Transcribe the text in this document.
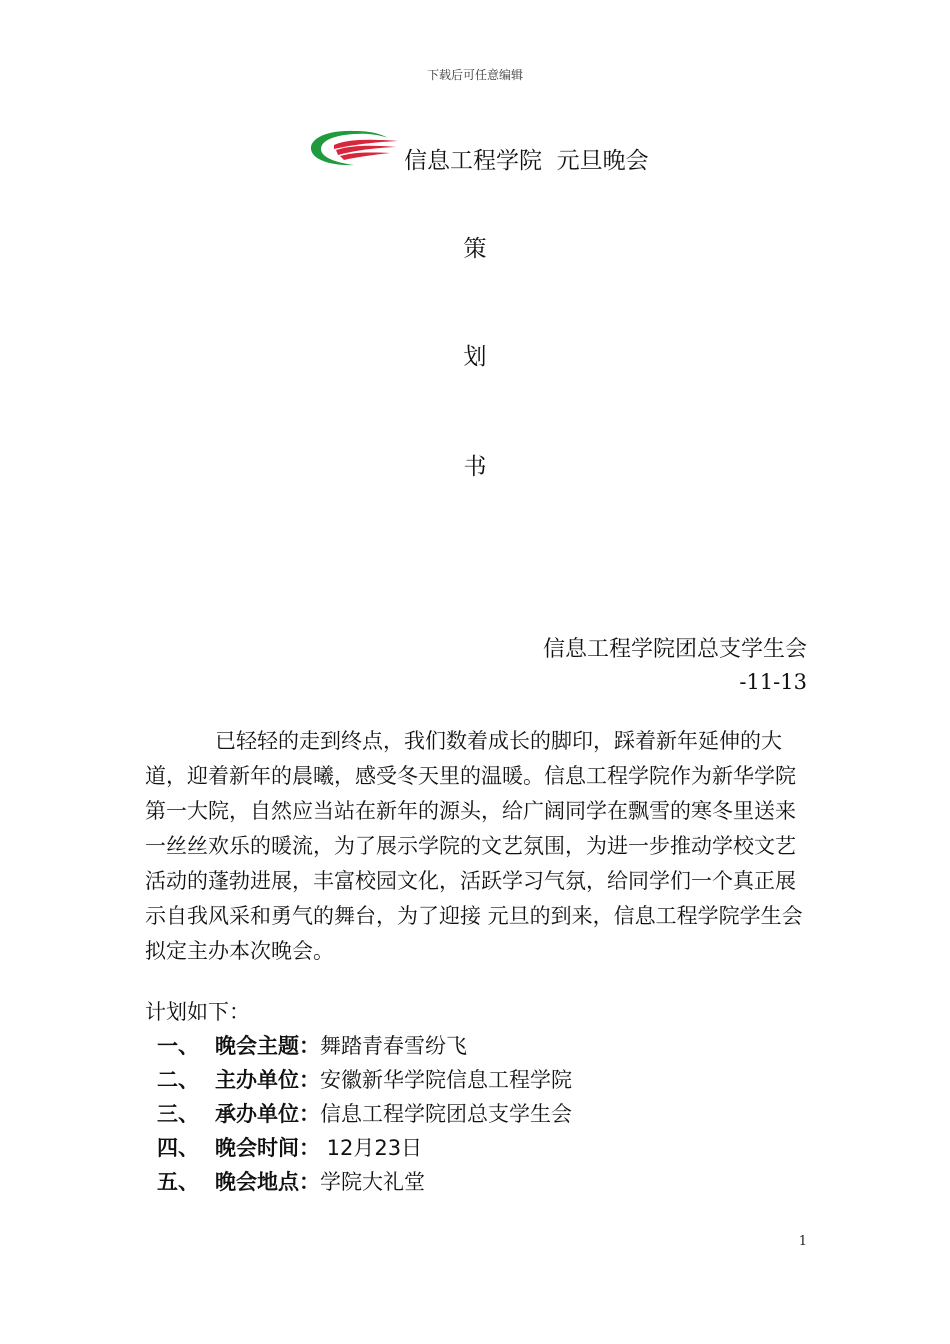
下载后可任意编辑
信息工程学院  元旦晚会
策
划
书
信息工程学院团总支学生会
-11-13

已轻轻的走到终点，我们数着成长的脚印，踩着新年延伸的大道，迎着新年的晨曦，感受冬天里的温暖。信息工程学院作为新华学院第一大院，自然应当站在新年的源头，给广阔同学在飘雪的寒冬里送来一丝丝欢乐的暖流，为了展示学院的文艺氛围，为进一步推动学校文艺活动的蓬勃进展，丰富校园文化，活跃学习气氛，给同学们一个真正展示自我风采和勇气的舞台，为了迎接 元旦的到来，信息工程学院学生会拟定主办本次晚会。

计划如下：
一、 晚会主题：舞踏青春雪纷飞
二、 主办单位：安徽新华学院信息工程学院
三、 承办单位：信息工程学院团总支学生会
四、 晚会时间： 12月23日
五、 晚会地点：学院大礼堂
1
